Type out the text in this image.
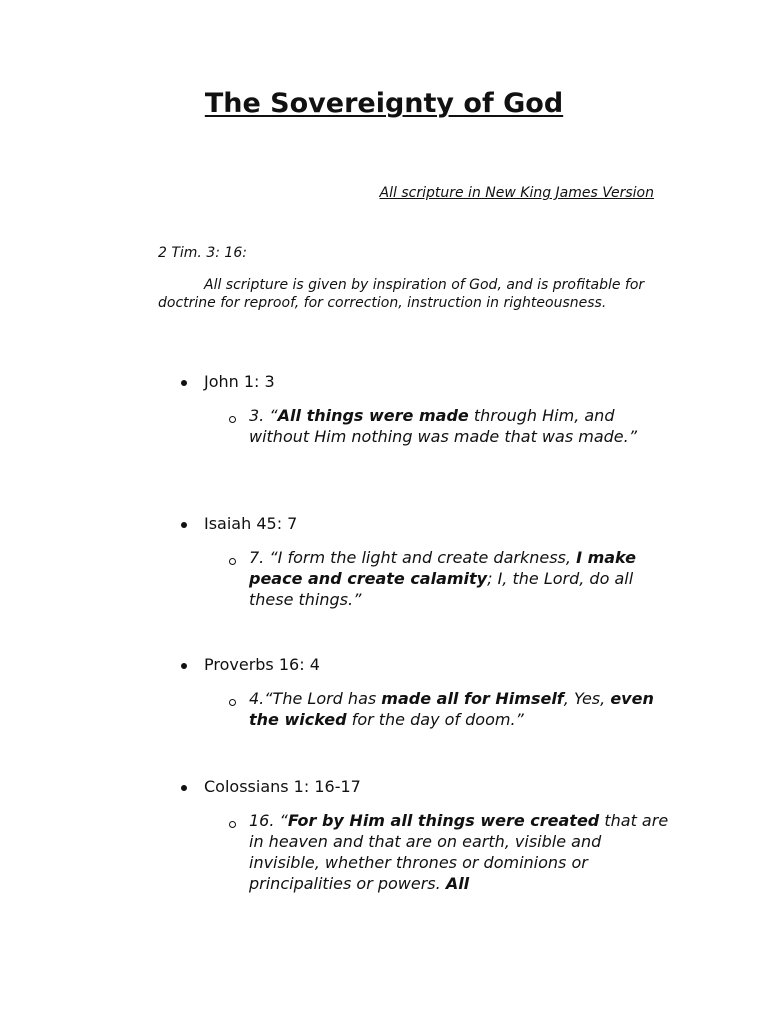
The Sovereignty of God
All scripture in New King James Version
2 Tim. 3: 16:

All scripture is given by inspiration of God, and is profitable for doctrine for reproof, for correction, instruction in righteousness.

John 1: 3
3. “All things were made through Him, and without Him nothing was made that was made.”
Isaiah 45: 7
7. “I form the light and create darkness, I make peace and create calamity; I, the Lord, do all these things.”
Proverbs 16: 4
4.“The Lord has made all for Himself, Yes, even the wicked for the day of doom.”
Colossians 1: 16-17
16. “For by Him all things were created that are in heaven and that are on earth, visible and invisible, whether thrones or dominions or principalities or powers. All
